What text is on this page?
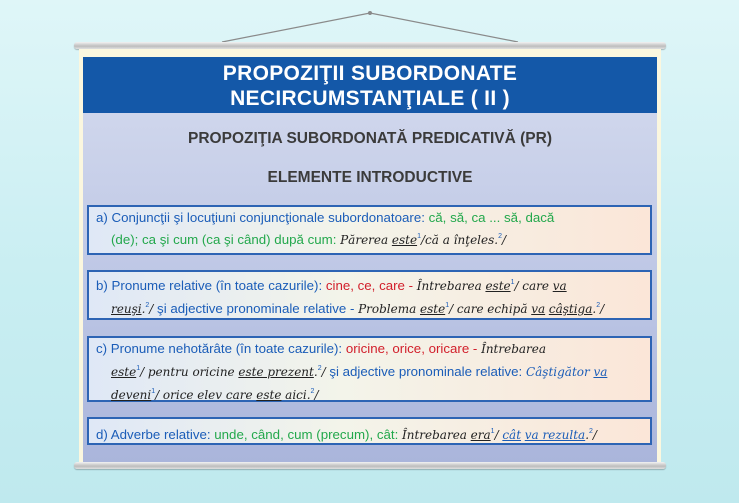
PROPOZIŢII SUBORDONATE
NECIRCUMSTANŢIALE ( II )
PROPOZIŢIA SUBORDONATĂ PREDICATIVĂ (PR)
ELEMENTE INTRODUCTIVE
a) Conjuncţii şi locuţiuni conjuncţionale subordonatoare: că, să, ca ... să, dacă
(de); ca şi cum (ca şi când) după cum: Părerea este$^1$/că a înţeles.$^2$/
b) Pronume relative (în toate cazurile): cine, ce, care - Întrebarea este$^1$/ care va
reuşi.$^2$/ şi adjective pronominale relative - Problema este$^1$/ care echipă va câştiga.$^2$/
c) Pronume nehotărâte (în toate cazurile): oricine, orice, oricare - Întrebarea
este$^1$/ pentru oricine este prezent.$^2$/ şi adjective pronominale relative: Câştigător va
deveni$^1$/ orice elev care este aici.$^2$/
d) Adverbe relative: unde, când, cum (precum), cât: Întrebarea era$^1$/ cât va rezulta.$^2$/
